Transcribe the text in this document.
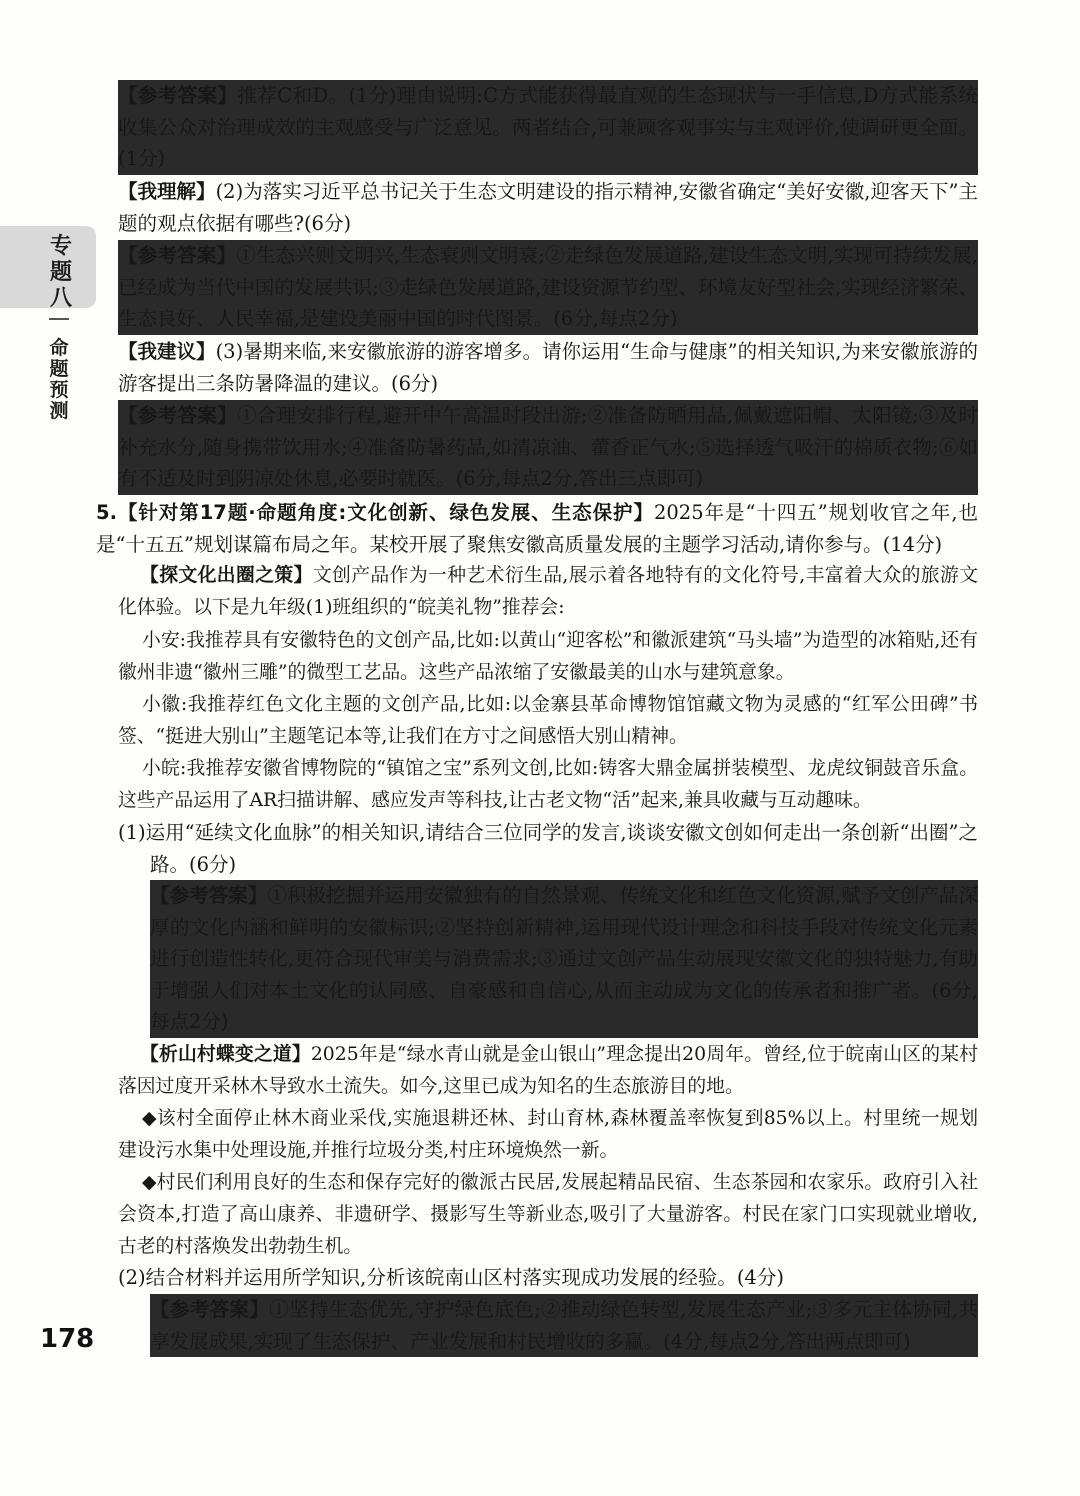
专题八
命题预测
【参考答案】推荐C和D。(1分)理由说明:C方式能获得最直观的生态现状与一手信息,D方式能系统收集公众对治理成效的主观感受与广泛意见。两者结合,可兼顾客观事实与主观评价,使调研更全面。(1分)
【我理解】(2)为落实习近平总书记关于生态文明建设的指示精神,安徽省确定“美好安徽,迎客天下”主题的观点依据有哪些?(6分)
【参考答案】①生态兴则文明兴,生态衰则文明衰;②走绿色发展道路,建设生态文明,实现可持续发展,已经成为当代中国的发展共识;③走绿色发展道路,建设资源节约型、环境友好型社会,实现经济繁荣、生态良好、人民幸福,是建设美丽中国的时代图景。(6分,每点2分)
【我建议】(3)暑期来临,来安徽旅游的游客增多。请你运用“生命与健康”的相关知识,为来安徽旅游的游客提出三条防暑降温的建议。(6分)
【参考答案】①合理安排行程,避开中午高温时段出游;②准备防晒用品,佩戴遮阳帽、太阳镜;③及时补充水分,随身携带饮用水;④准备防暑药品,如清凉油、藿香正气水;⑤选择透气吸汗的棉质衣物;⑥如有不适及时到阴凉处休息,必要时就医。(6分,每点2分,答出三点即可)
5.【针对第17题·命题角度:文化创新、绿色发展、生态保护】2025年是“十四五”规划收官之年,也是“十五五”规划谋篇布局之年。某校开展了聚焦安徽高质量发展的主题学习活动,请你参与。(14分)
【探文化出圈之策】文创产品作为一种艺术衍生品,展示着各地特有的文化符号,丰富着大众的旅游文化体验。以下是九年级(1)班组织的“皖美礼物”推荐会:
小安:我推荐具有安徽特色的文创产品,比如:以黄山“迎客松”和徽派建筑“马头墙”为造型的冰箱贴,还有徽州非遗“徽州三雕”的微型工艺品。这些产品浓缩了安徽最美的山水与建筑意象。
小徽:我推荐红色文化主题的文创产品,比如:以金寨县革命博物馆馆藏文物为灵感的“红军公田碑”书签、“挺进大别山”主题笔记本等,让我们在方寸之间感悟大别山精神。
小皖:我推荐安徽省博物院的“镇馆之宝”系列文创,比如:铸客大鼎金属拼装模型、龙虎纹铜鼓音乐盒。这些产品运用了AR扫描讲解、感应发声等科技,让古老文物“活”起来,兼具收藏与互动趣味。
(1)运用“延续文化血脉”的相关知识,请结合三位同学的发言,谈谈安徽文创如何走出一条创新“出圈”之路。(6分)
【参考答案】①积极挖掘并运用安徽独有的自然景观、传统文化和红色文化资源,赋予文创产品深厚的文化内涵和鲜明的安徽标识;②坚持创新精神,运用现代设计理念和科技手段对传统文化元素进行创造性转化,更符合现代审美与消费需求;③通过文创产品生动展现安徽文化的独特魅力,有助于增强人们对本土文化的认同感、自豪感和自信心,从而主动成为文化的传承者和推广者。(6分,每点2分)
【析山村蝶变之道】2025年是“绿水青山就是金山银山”理念提出20周年。曾经,位于皖南山区的某村落因过度开采林木导致水土流失。如今,这里已成为知名的生态旅游目的地。
◆该村全面停止林木商业采伐,实施退耕还林、封山育林,森林覆盖率恢复到85%以上。村里统一规划建设污水集中处理设施,并推行垃圾分类,村庄环境焕然一新。
◆村民们利用良好的生态和保存完好的徽派古民居,发展起精品民宿、生态茶园和农家乐。政府引入社会资本,打造了高山康养、非遗研学、摄影写生等新业态,吸引了大量游客。村民在家门口实现就业增收,古老的村落焕发出勃勃生机。
(2)结合材料并运用所学知识,分析该皖南山区村落实现成功发展的经验。(4分)
【参考答案】①坚持生态优先,守护绿色底色;②推动绿色转型,发展生态产业;③多元主体协同,共享发展成果,实现了生态保护、产业发展和村民增收的多赢。(4分,每点2分,答出两点即可)
178
